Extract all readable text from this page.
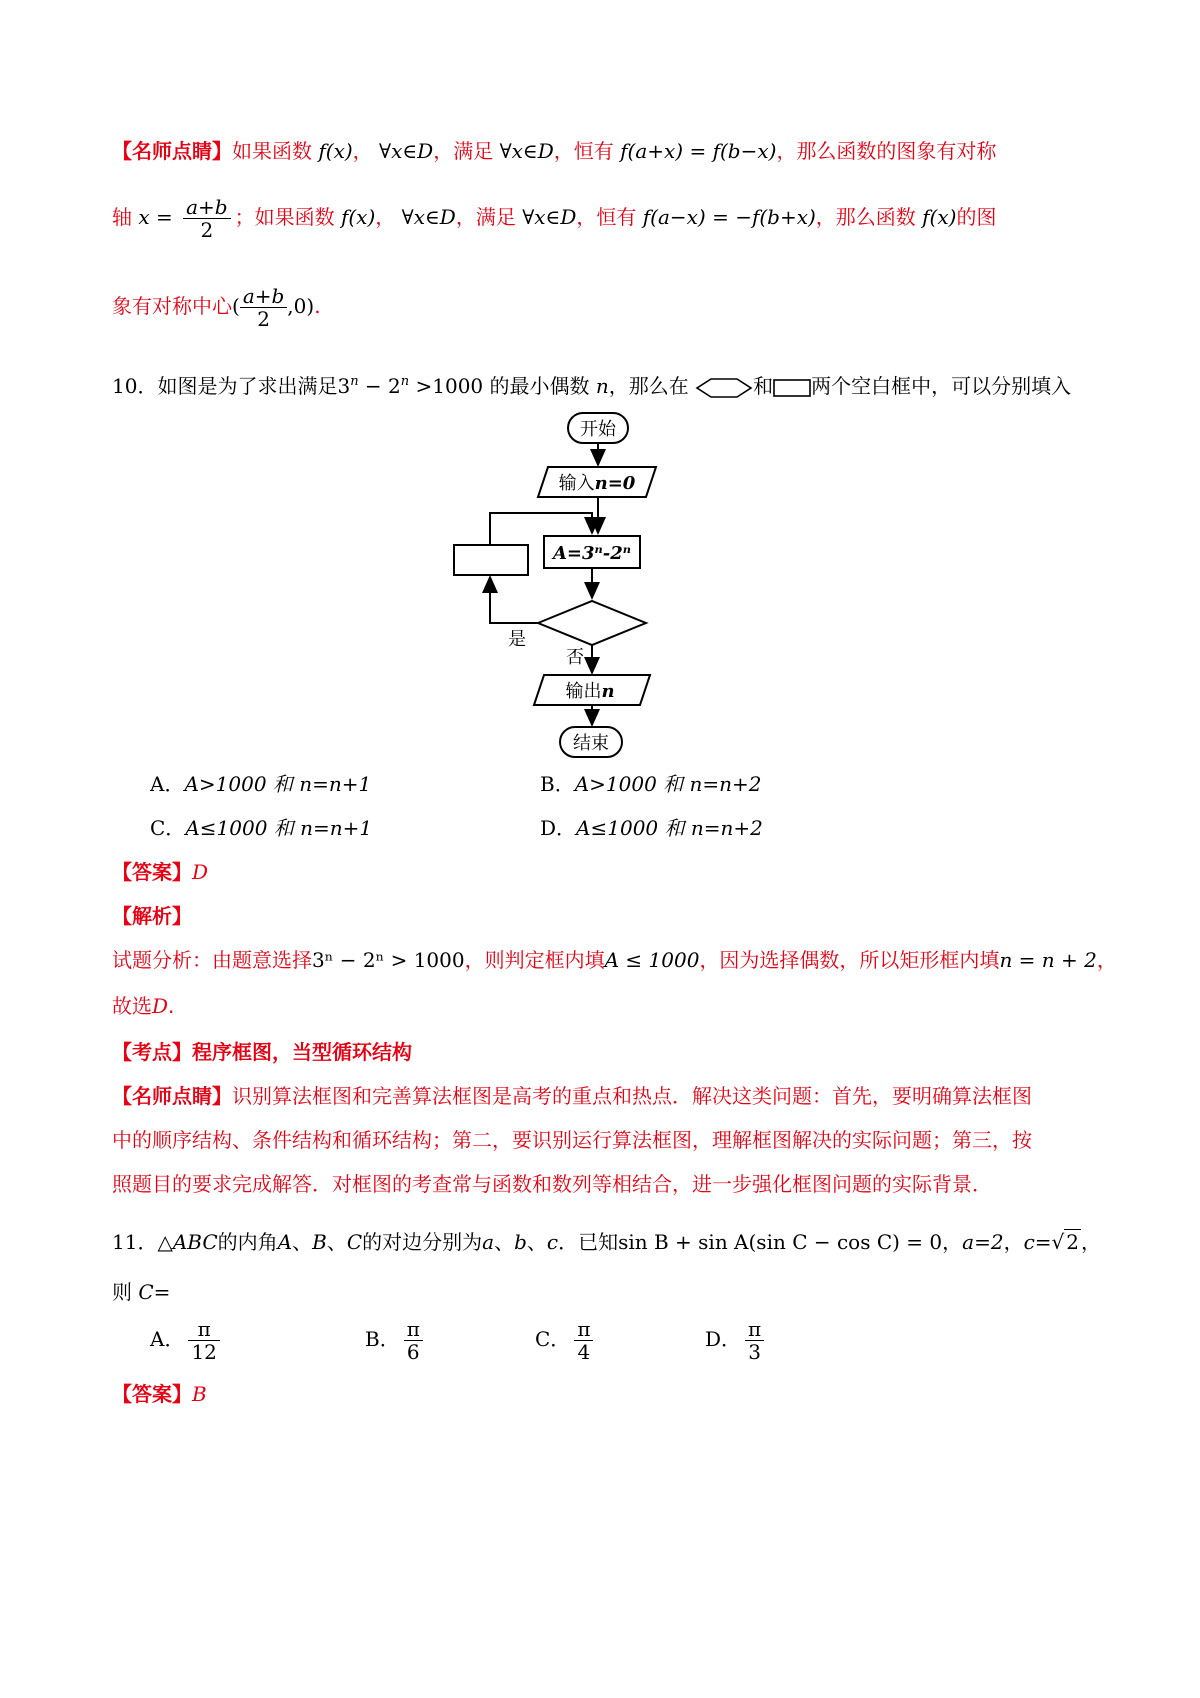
【名师点睛】如果函数 f(x)， ∀x∈D，满足 ∀x∈D，恒有 f(a+x) = f(b−x)，那么函数的图象有对称
轴 $x = \frac{a+b}{2}$ ；如果函数 f(x)， ∀x∈D，满足 ∀x∈D，恒有 f(a−x) = −f(b+x)，那么函数 f(x)的图
象有对称中心( $\frac{a+b}{2} ,0$).
10．如图是为了求出满足$3^n - 2^n >1000$ 的最小偶数 n，那么在	和 两个空白框中，可以分别填入
开始
输入n=0
A=3ⁿ-2ⁿ
是
否
输出n
结束
A．A>1000 和 n=n+1	B．A>1000 和 n=n+2
C．A≤1000 和 n=n+1	D．A≤1000 和 n=n+2
【答案】D
【解析】
试题分析：由题意选择3ⁿ − 2ⁿ > 1000，则判定框内填A ≤ 1000，因为选择偶数，所以矩形框内填n = n + 2，
故选D.
【考点】程序框图，当型循环结构
【名师点睛】识别算法框图和完善算法框图是高考的重点和热点．解决这类问题：首先，要明确算法框图
中的顺序结构、条件结构和循环结构；第二，要识别运行算法框图，理解框图解决的实际问题；第三，按
照题目的要求完成解答．对框图的考查常与函数和数列等相结合，进一步强化框图问题的实际背景．
11．△ABC的内角A、B、C的对边分别为a、b、c．已知sin B + sin A(sin C − cos C) = 0，a=2，c=√ 2 ，
则 C=
A． $\frac{\pi}{12}$	B． $\frac{\pi}{6}$	C． $\frac{\pi}{4}$	D． $\frac{\pi}{3}$
【答案】B
